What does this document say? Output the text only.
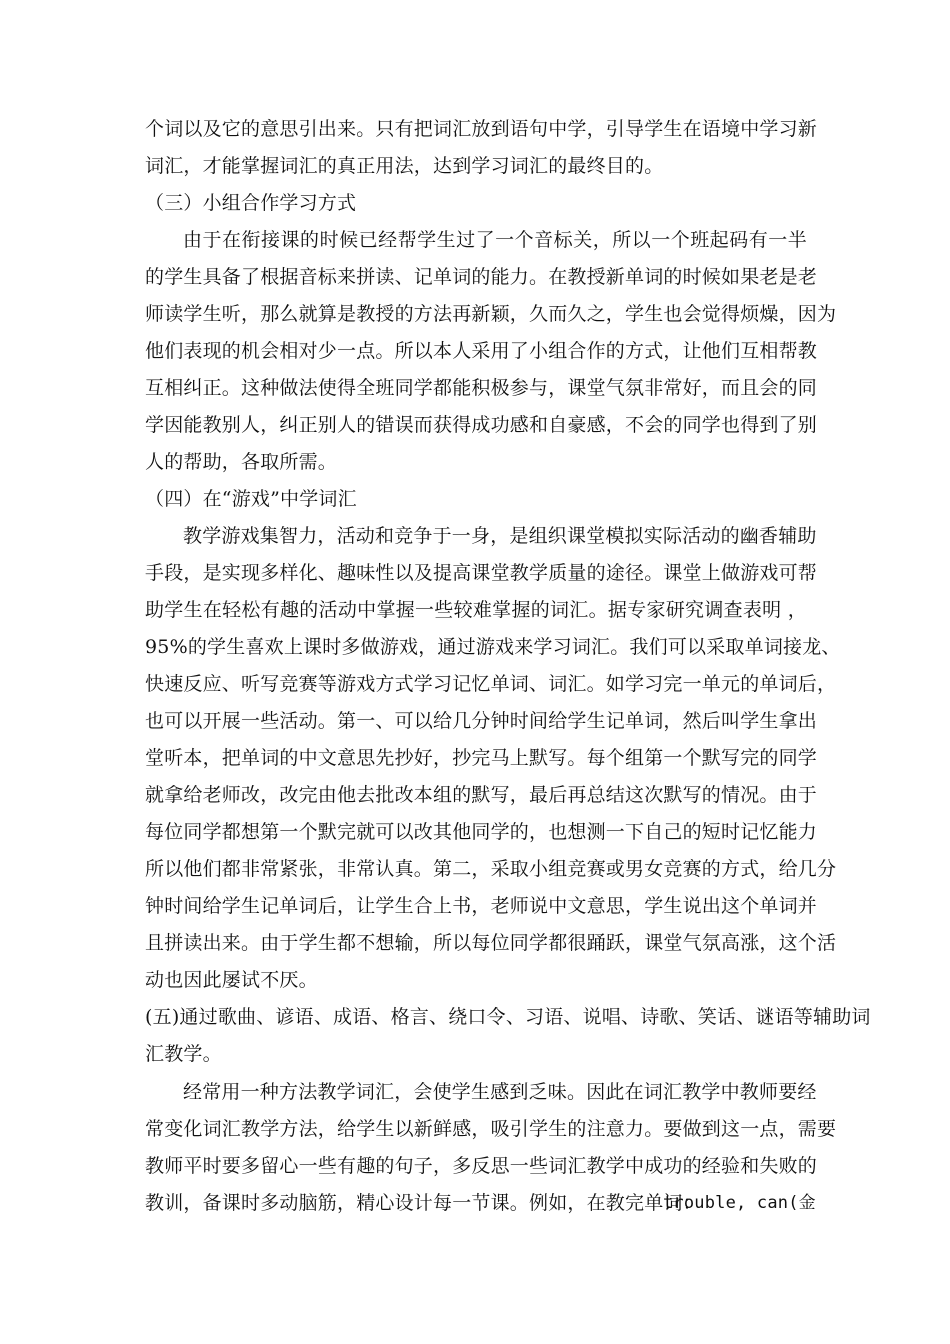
个词以及它的意思引出来。只有把词汇放到语句中学，引导学生在语境中学习新
词汇，才能掌握词汇的真正用法，达到学习词汇的最终目的。
（三）小组合作学习方式
由于在衔接课的时候已经帮学生过了一个音标关，所以一个班起码有一半
的学生具备了根据音标来拼读、记单词的能力。在教授新单词的时候如果老是老
师读学生听，那么就算是教授的方法再新颖，久而久之，学生也会觉得烦燥，因为
他们表现的机会相对少一点。所以本人采用了小组合作的方式，让他们互相帮教
互相纠正。这种做法使得全班同学都能积极参与，课堂气氛非常好，而且会的同
学因能教别人，纠正别人的错误而获得成功感和自豪感，不会的同学也得到了别
人的帮助，各取所需。
（四）在“游戏”中学词汇
教学游戏集智力，活动和竞争于一身，是组织课堂模拟实际活动的幽香辅助
手段，是实现多样化、趣味性以及提高课堂教学质量的途径。课堂上做游戏可帮
助学生在轻松有趣的活动中掌握一些较难掌握的词汇。据专家研究调查表明 ，
95%的学生喜欢上课时多做游戏，通过游戏来学习词汇。我们可以采取单词接龙、
快速反应、听写竞赛等游戏方式学习记忆单词、词汇。如学习完一单元的单词后，
也可以开展一些活动。第一、可以给几分钟时间给学生记单词，然后叫学生拿出
堂听本，把单词的中文意思先抄好，抄完马上默写。每个组第一个默写完的同学
就拿给老师改，改完由他去批改本组的默写，最后再总结这次默写的情况。由于
每位同学都想第一个默完就可以改其他同学的，也想测一下自己的短时记忆能力
所以他们都非常紧张，非常认真。第二，采取小组竞赛或男女竞赛的方式，给几分
钟时间给学生记单词后，让学生合上书，老师说中文意思，学生说出这个单词并
且拼读出来。由于学生都不想输，所以每位同学都很踊跃，课堂气氛高涨，这个活
动也因此屡试不厌。
(五)通过歌曲、谚语、成语、格言、绕口令、习语、说唱、诗歌、笑话、谜语等辅助词
汇教学。
经常用一种方法教学词汇，会使学生感到乏味。因此在词汇教学中教师要经
常变化词汇教学方法，给学生以新鲜感，吸引学生的注意力。要做到这一点，需要
教师平时要多留心一些有趣的句子，多反思一些词汇教学中成功的经验和失败的
教训，备课时多动脑筋，精心设计每一节课。例如，在教完单词：
trouble, can(金
